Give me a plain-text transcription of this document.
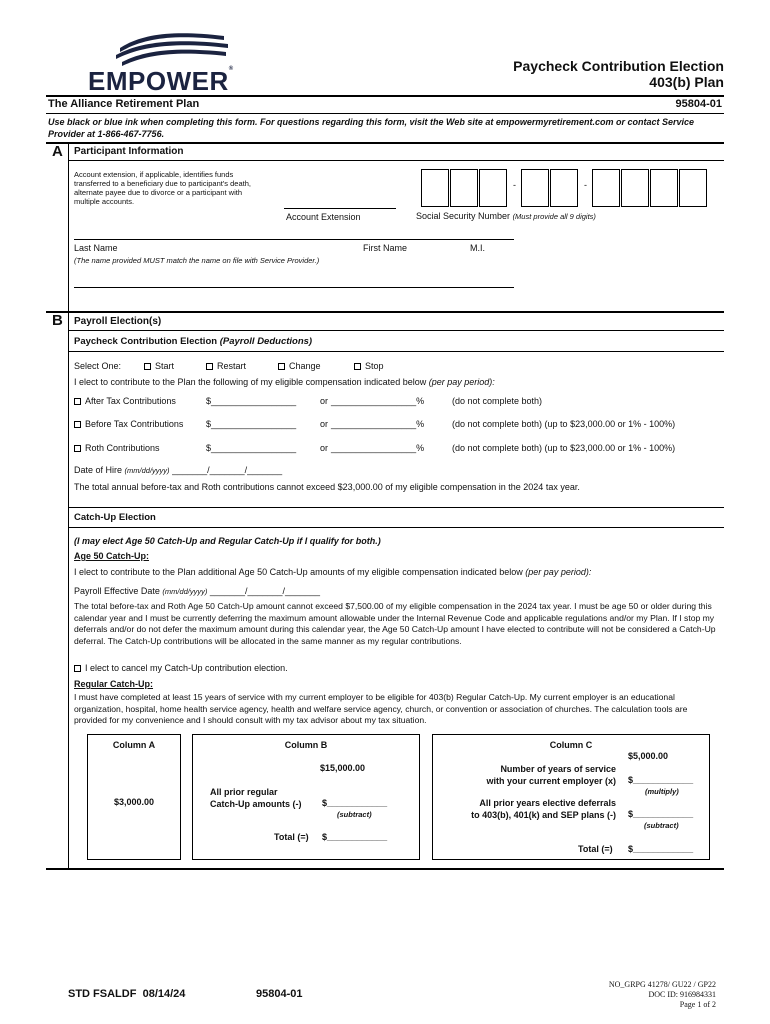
EMPOWER®	Paycheck Contribution Election
403(b) Plan
The Alliance Retirement Plan	95804-01
Use black or blue ink when completing this form. For questions regarding this form, visit the Web site at empowermyretirement.com or contact Service Provider at 1-866-467-7756.
A Participant Information
Account extension, if applicable, identifies funds transferred to a beneficiary due to participant's death, alternate payee due to divorce or a participant with multiple accounts.
Account Extension
-	-
Social Security Number (Must provide all 9 digits)
Last Name	First Name	M.I.
(The name provided MUST match the name on file with Service Provider.)
B Payroll Election(s)
Paycheck Contribution Election (Payroll Deductions)
Select One:	Start	Restart	Change	Stop
I elect to contribute to the Plan the following of my eligible compensation indicated below (per pay period):
After Tax Contributions	$_________________	or _________________%	(do not complete both)
Before Tax Contributions	$_________________	or _________________%	(do not complete both) (up to $23,000.00 or 1% - 100%)
Roth Contributions	$_________________	or _________________%	(do not complete both) (up to $23,000.00 or 1% - 100%)
Date of Hire (mm/dd/yyyy) _______/_______/_______
The total annual before-tax and Roth contributions cannot exceed $23,000.00 of my eligible compensation in the 2024 tax year.
Catch-Up Election
(I may elect Age 50 Catch-Up and Regular Catch-Up if I qualify for both.)
Age 50 Catch-Up:
I elect to contribute to the Plan additional Age 50 Catch-Up amounts of my eligible compensation indicated below (per pay period):
Payroll Effective Date (mm/dd/yyyy) _______/_______/_______
The total before-tax and Roth Age 50 Catch-Up amount cannot exceed $7,500.00 of my eligible compensation in the 2024 tax year. I must be age 50 or older during this calendar year and I must be currently deferring the maximum amount allowable under the Internal Revenue Code and applicable regulations and/or my Plan. If I stop my deferrals and/or do not defer the maximum amount during this calendar year, the Age 50 Catch-Up amount I have elected to contribute will not be considered a Catch-Up deferral. The Catch-Up contributions will be allocated in the same manner as my regular contributions.
I elect to cancel my Catch-Up contribution election.
Regular Catch-Up:
I must have completed at least 15 years of service with my current employer to be eligible for 403(b) Regular Catch-Up. My current employer is an educational organization, hospital, home health service agency, health and welfare service agency, church, or convention or association of churches. The calculation tools are provided for my convenience and I should consult with my tax advisor about my tax situation.
Column A
$3,000.00
Column B
$15,000.00
All prior regular
Catch-Up amounts (-) $____________
(subtract)
Total (=) $____________
Column C
$5,000.00
Number of years of service
with your current employer (x) $____________
(multiply)
All prior years elective deferrals
to 403(b), 401(k) and SEP plans (-) $____________
(subtract)
Total (=) $____________
STD FSALDF 08/14/24	95804-01
NO_GRPG 41278/ GU22 / GP22
DOC ID: 916984331
Page 1 of 2
